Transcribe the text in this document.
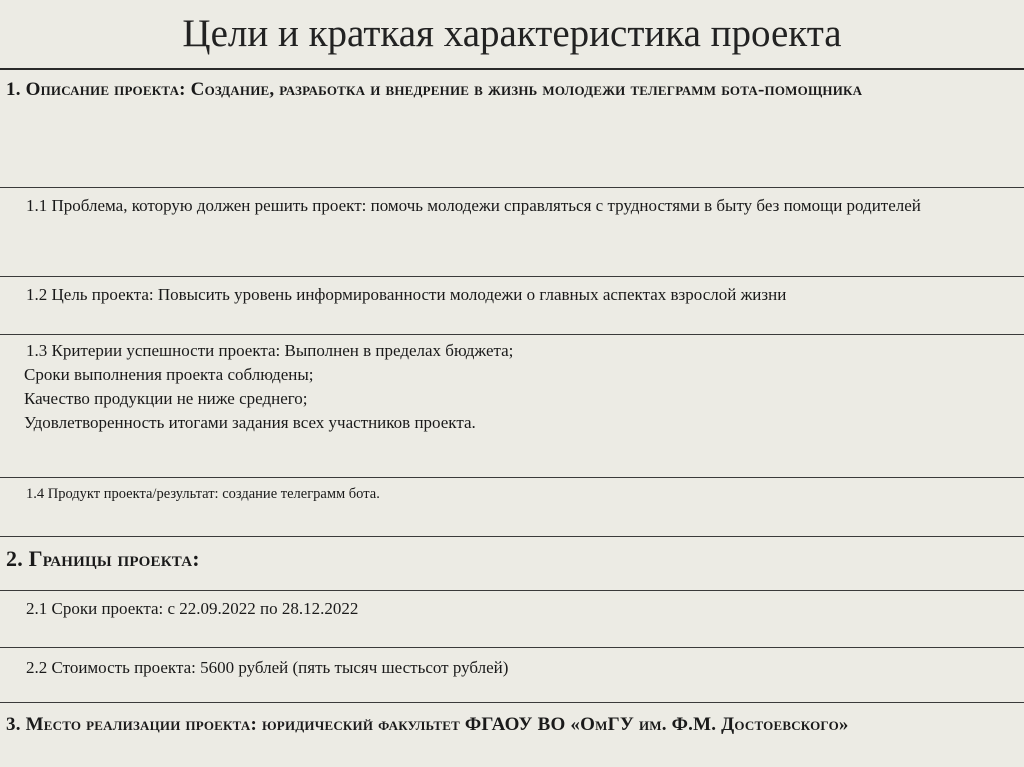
Цели и краткая характеристика проекта

1. Описание проекта: Создание, разработка и внедрение в жизнь молодежи телеграмм бота-помощника

1.1 Проблема, которую должен решить проект: помочь молодежи справляться с трудностями в быту без помощи родителей

1.2 Цель проекта: Повысить уровень информированности молодежи о главных аспектах взрослой жизни

1.3 Критерии успешности проекта: Выполнен в пределах бюджета;
Сроки выполнения проекта соблюдены;
Качество продукции не ниже среднего;
Удовлетворенность итогами задания всех участников проекта.

1.4 Продукт проекта/результат: создание телеграмм бота.

2. Границы проекта:

2.1 Сроки проекта: с 22.09.2022 по 28.12.2022

2.2 Стоимость проекта: 5600 рублей (пять тысяч шестьсот рублей)

3. Место реализации проекта: юридический факультет ФГАОУ ВО «ОмГУ им. Ф.М. Достоевского»
